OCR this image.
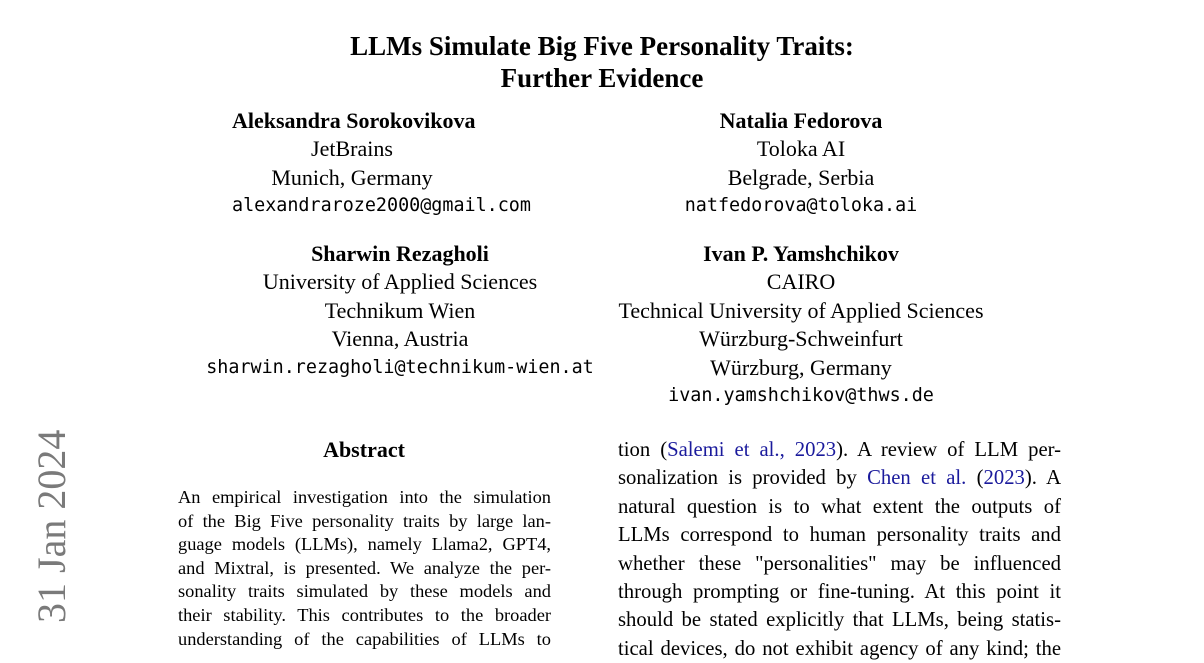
LLMs Simulate Big Five Personality Traits:
Further Evidence
Aleksandra Sorokovikova
JetBrains
Munich, Germany
alexandraroze2000@gmail.com
Natalia Fedorova
Toloka AI
Belgrade, Serbia
natfedorova@toloka.ai
Sharwin Rezagholi
University of Applied Sciences
Technikum Wien
Vienna, Austria
sharwin.rezagholi@technikum-wien.at
Ivan P. Yamshchikov
CAIRO
Technical University of Applied Sciences
Würzburg-Schweinfurt
Würzburg, Germany
ivan.yamshchikov@thws.de
31 Jan 2024	Abstract
An empirical investigation into the simulation
of the Big Five personality traits by large lan-
guage models (LLMs), namely Llama2, GPT4,
and Mixtral, is presented. We analyze the per-
sonality traits simulated by these models and
their stability. This contributes to the broader
understanding of the capabilities of LLMs to
tion (Salemi et al., 2023). A review of LLM per-
sonalization is provided by Chen et al. (2023). A
natural question is to what extent the outputs of
LLMs correspond to human personality traits and
whether these "personalities" may be influenced
through prompting or fine-tuning. At this point it
should be stated explicitly that LLMs, being statis-
tical devices, do not exhibit agency of any kind; the
